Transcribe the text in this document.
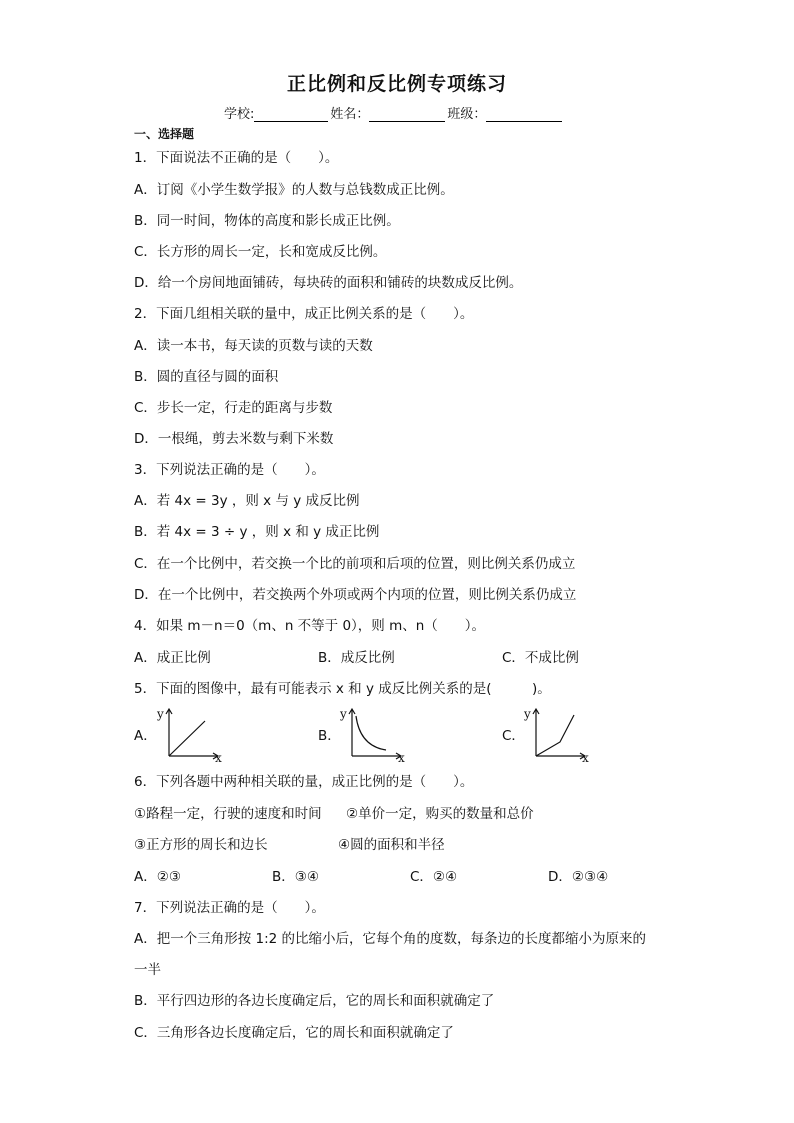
正比例和反比例专项练习
学校:	姓名：	班级：
一、选择题
1．下面说法不正确的是（　　）。
A．订阅《小学生数学报》的人数与总钱数成正比例。
B．同一时间，物体的高度和影长成正比例。
C．长方形的周长一定，长和宽成反比例。
D．给一个房间地面铺砖，每块砖的面积和铺砖的块数成反比例。
2．下面几组相关联的量中，成正比例关系的是（　　）。
A．读一本书，每天读的页数与读的天数
B．圆的直径与圆的面积
C．步长一定，行走的距离与步数
D．一根绳，剪去米数与剩下米数
3．下列说法正确的是（　　）。
A．若 4x = 3y ，则 x 与 y 成反比例
B．若 4x = 3 ÷ y ，则 x 和 y 成正比例
C．在一个比例中，若交换一个比的前项和后项的位置，则比例关系仍成立
D．在一个比例中，若交换两个外项或两个内项的位置，则比例关系仍成立
4．如果 m－n＝0（m、n 不等于 0），则 m、n（　　）。
A．成正比例	B．成反比例	C．不成比例
5．下面的图像中，最有可能表示 x 和 y 成反比例关系的是(　　　)。
A．
y
x
B．
y
x
C．
y
x
6．下列各题中两种相关联的量，成正比例的是（　　）。
①路程一定，行驶的速度和时间 ②单价一定，购买的数量和总价
③正方形的周长和边长	④圆的面积和半径
A．②③	B．③④	C．②④	D．②③④
7．下列说法正确的是（　　）。
A．把一个三角形按 1:2 的比缩小后，它每个角的度数，每条边的长度都缩小为原来的
一半
B．平行四边形的各边长度确定后，它的周长和面积就确定了
C．三角形各边长度确定后，它的周长和面积就确定了
